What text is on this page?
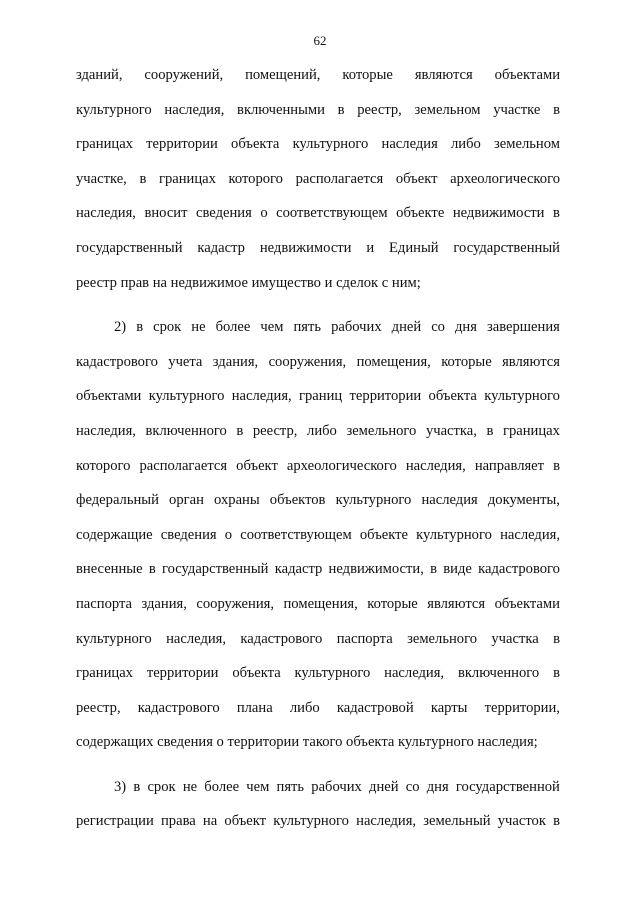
62
зданий, сооружений, помещений, которые являются объектами
культурного наследия, включенными в реестр, земельном участке в
границах территории объекта культурного наследия либо земельном
участке, в границах которого располагается объект археологического
наследия, вносит сведения о соответствующем объекте недвижимости в
государственный кадастр недвижимости и Единый государственный
реестр прав на недвижимое имущество и сделок с ним;
2) в срок не более чем пять рабочих дней со дня завершения
кадастрового учета здания, сооружения, помещения, которые являются
объектами культурного наследия, границ территории объекта культурного
наследия, включенного в реестр, либо земельного участка, в границах
которого располагается объект археологического наследия, направляет в
федеральный орган охраны объектов культурного наследия документы,
содержащие сведения о соответствующем объекте культурного наследия,
внесенные в государственный кадастр недвижимости, в виде кадастрового
паспорта здания, сооружения, помещения, которые являются объектами
культурного наследия, кадастрового паспорта земельного участка в
границах территории объекта культурного наследия, включенного в
реестр, кадастрового плана либо кадастровой карты территории,
содержащих сведения о территории такого объекта культурного наследия;
3) в срок не более чем пять рабочих дней со дня государственной
регистрации права на объект культурного наследия, земельный участок в
